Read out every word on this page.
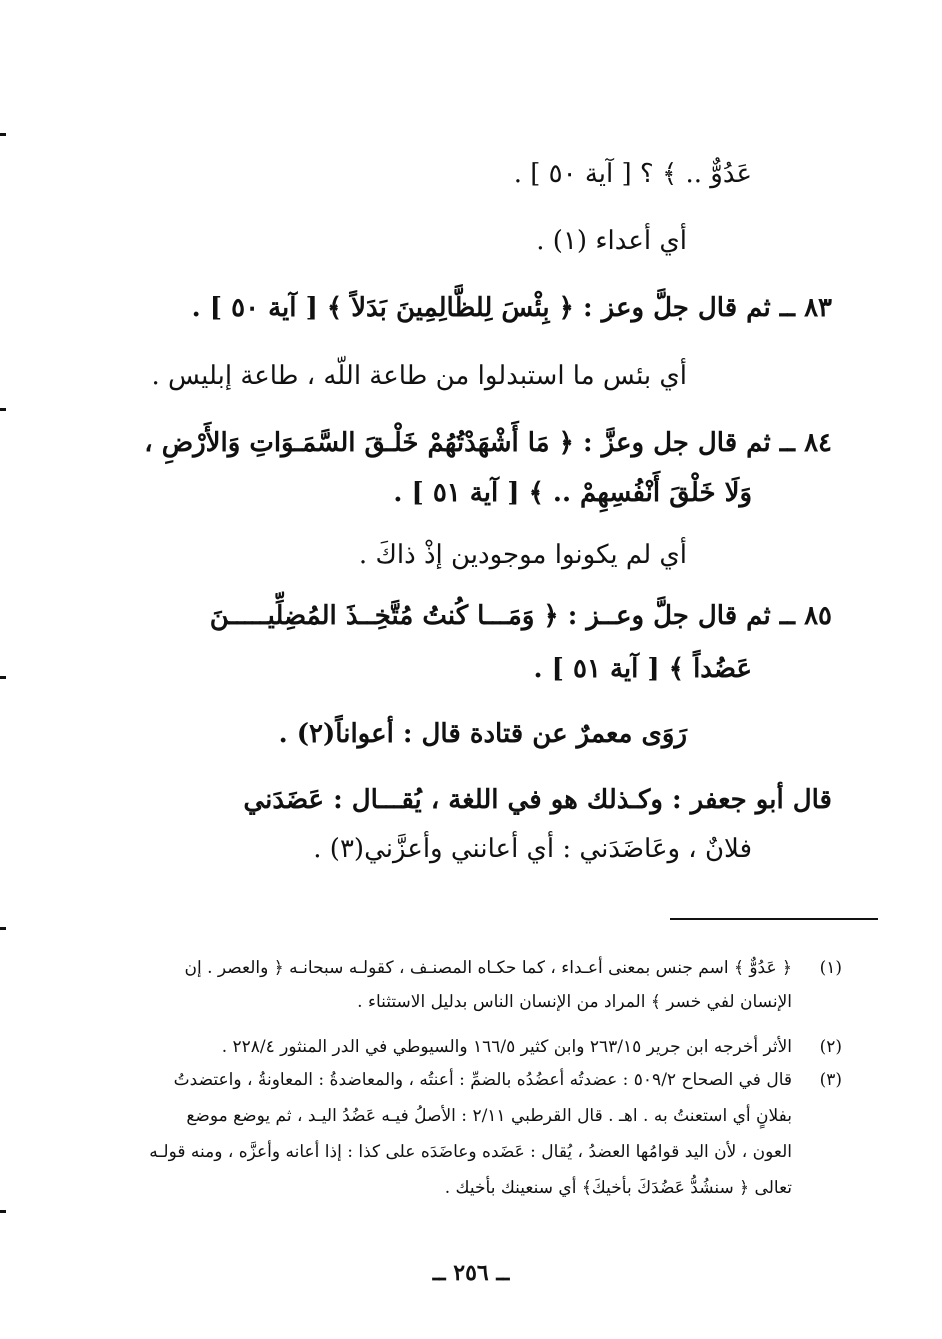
عَدُوٌّ .. ﴾ ؟ [ آية ٥٠ ] .
أي أعداء (١) .
٨٣ ــ ثم قال جلَّ وعز : ﴿ بِئْسَ لِلظَّالِمِينَ بَدَلاً ﴾ [ آية ٥٠ ] .
أي بئس ما استبدلوا من طاعة اللّه ، طاعة إبليس .
٨٤ ــ ثم قال جل وعزَّ : ﴿ مَا أَشْهَدْتُهُمْ خَلْـقَ السَّمَـوَاتِ وَالأَرْضِ ،
وَلَا خَلْقَ أَنْفُسِهِمْ .. ﴾ [ آية ٥١ ] .
أي لم يكونوا موجودين إذْ ذاكَ .
٨٥ ــ ثم قال جلَّ وعــز : ﴿ وَمَـــا كُنتُ مُتَّخِــذَ المُضِلِّيـــــنَ
عَضُداً ﴾ [ آية ٥١ ] .
رَوَى معمرٌ عن قتادة قال : أعواناً(٢) .
قال أبو جعفر : وكـذلك هو في اللغة ، يُقـــال : عَضَدَني
فلانٌ ، وعَاضَدَني : أي أعانني وأعزَّني(٣) .
(١)
﴿ عَدُوٌّ ﴾ اسم جنس بمعنى أعـداء ، كما حكـاه المصنـف ، كقولـه سبحانـه ﴿ والعصر . إن
الإنسان لفي خسر ﴾ المراد من الإنسان الناس بدليل الاستثناء .
(٢)
الأثر أخرجه ابن جرير ٢٦٣/١٥ وابن كثير ١٦٦/٥ والسيوطي في الدر المنثور ٢٢٨/٤ .
(٣)
قال في الصحاح ٥٠٩/٢ : عضدتُه أعضُدُه بالضمِّ : أعنتُه ، والمعاضدةُ : المعاونةُ ، واعتضدتُ
بفلانٍ أي استعنتُ به . اهـ . قال القرطبي ٢/١١ : الأصلُ فيـه عَضُدُ اليـد ، ثم يوضع موضع
العون ، لأن اليد قوامُها العضدُ ، يُقال : عَضَده وعاضَدَه على كذا : إذا أعانه وأعزَّه ، ومنه قولـه
تعالى ﴿ سنشُدُّ عَضُدَكَ بأخيكَ﴾ أي سنعينك بأخيك .
ــ ٢٥٦ ــ
